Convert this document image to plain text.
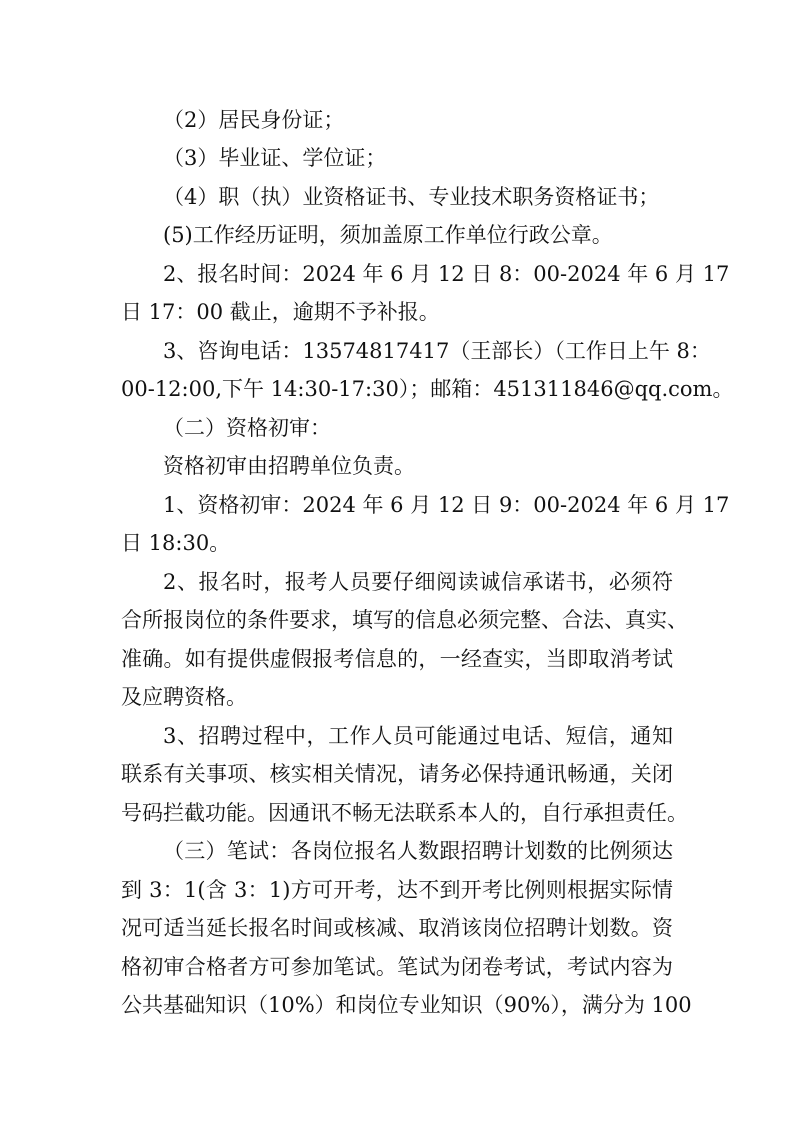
（2）居民身份证；
（3）毕业证、学位证；
（4）职（执）业资格证书、专业技术职务资格证书；
(5)工作经历证明，须加盖原工作单位行政公章。
2、报名时间：2024 年 6 月 12 日 8：00-2024 年 6 月 17
日 17：00 截止，逾期不予补报。
3、咨询电话：13574817417（王部长）（工作日上午 8：
00-12:00,下午 14:30-17:30）；邮箱：451311846@qq.com。
（二）资格初审：
资格初审由招聘单位负责。
1、资格初审：2024 年 6 月 12 日 9：00-2024 年 6 月 17
日 18:30。
2、报名时，报考人员要仔细阅读诚信承诺书，必须符
合所报岗位的条件要求，填写的信息必须完整、合法、真实、
准确。如有提供虚假报考信息的，一经查实，当即取消考试
及应聘资格。
3、招聘过程中，工作人员可能通过电话、短信，通知
联系有关事项、核实相关情况，请务必保持通讯畅通，关闭
号码拦截功能。因通讯不畅无法联系本人的，自行承担责任。
（三）笔试：各岗位报名人数跟招聘计划数的比例须达
到 3：1(含 3：1)方可开考，达不到开考比例则根据实际情
况可适当延长报名时间或核减、取消该岗位招聘计划数。资
格初审合格者方可参加笔试。笔试为闭卷考试，考试内容为
公共基础知识（10%）和岗位专业知识（90%），满分为 100
